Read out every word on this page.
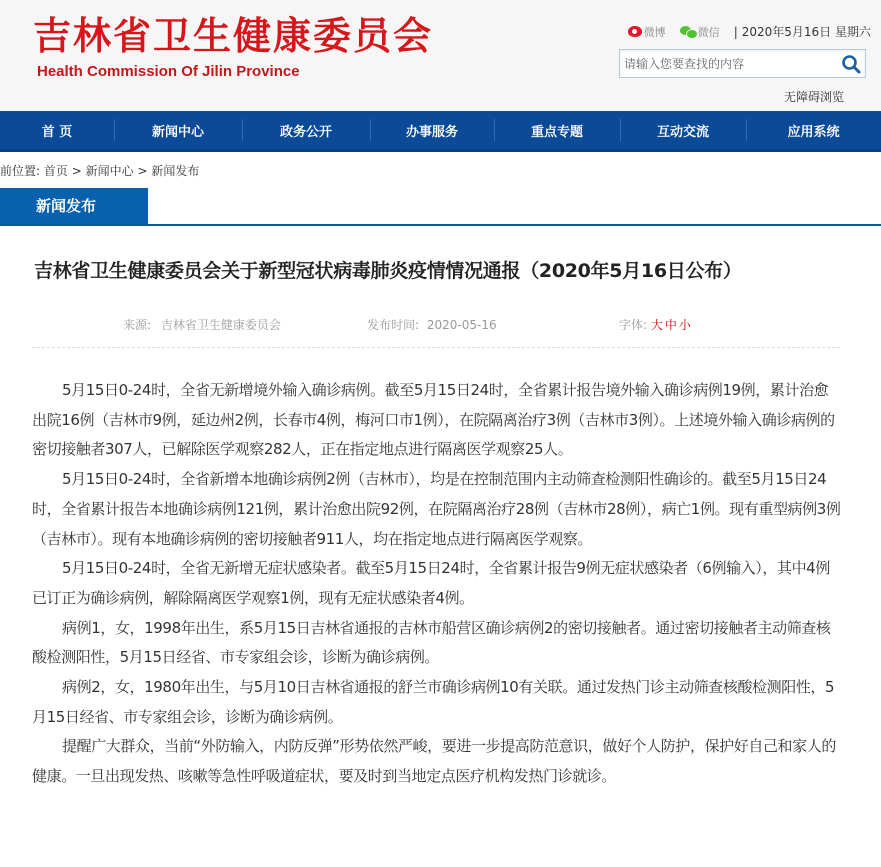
吉林省卫生健康委员会
Health Commission Of Jilin Province
微博	微信 | 2020年5月16日 星期六
请输入您要查找的内容
无障碍浏览
首 页	新闻中心	政务公开	办事服务	重点专题	互动交流	应用系统
前位置: 首页 > 新闻中心 > 新闻发布
新闻发布
吉林省卫生健康委员会关于新型冠状病毒肺炎疫情情况通报（2020年5月16日公布）
来源: 吉林省卫生健康委员会	发布时间: 2020-05-16	字体: 大 中 小

5月15日0-24时，全省无新增境外输入确诊病例。截至5月15日24时，全省累计报告境外输入确诊病例19例，累计治愈出院16例（吉林市9例，延边州2例，长春市4例，梅河口市1例），在院隔离治疗3例（吉林市3例）。上述境外输入确诊病例的密切接触者307人，已解除医学观察282人，正在指定地点进行隔离医学观察25人。

5月15日0-24时，全省新增本地确诊病例2例（吉林市），均是在控制范围内主动筛查检测阳性确诊的。截至5月15日24时，全省累计报告本地确诊病例121例，累计治愈出院92例，在院隔离治疗28例（吉林市28例），病亡1例。现有重型病例3例（吉林市）。现有本地确诊病例的密切接触者911人，均在指定地点进行隔离医学观察。

5月15日0-24时，全省无新增无症状感染者。截至5月15日24时，全省累计报告9例无症状感染者（6例输入），其中4例已订正为确诊病例，解除隔离医学观察1例，现有无症状感染者4例。

病例1，女，1998年出生，系5月15日吉林省通报的吉林市船营区确诊病例2的密切接触者。通过密切接触者主动筛查核酸检测阳性，5月15日经省、市专家组会诊，诊断为确诊病例。

病例2，女，1980年出生，与5月10日吉林省通报的舒兰市确诊病例10有关联。通过发热门诊主动筛查核酸检测阳性，5月15日经省、市专家组会诊，诊断为确诊病例。

提醒广大群众，当前“外防输入，内防反弹”形势依然严峻，要进一步提高防范意识，做好个人防护，保护好自己和家人的健康。一旦出现发热、咳嗽等急性呼吸道症状，要及时到当地定点医疗机构发热门诊就诊。
